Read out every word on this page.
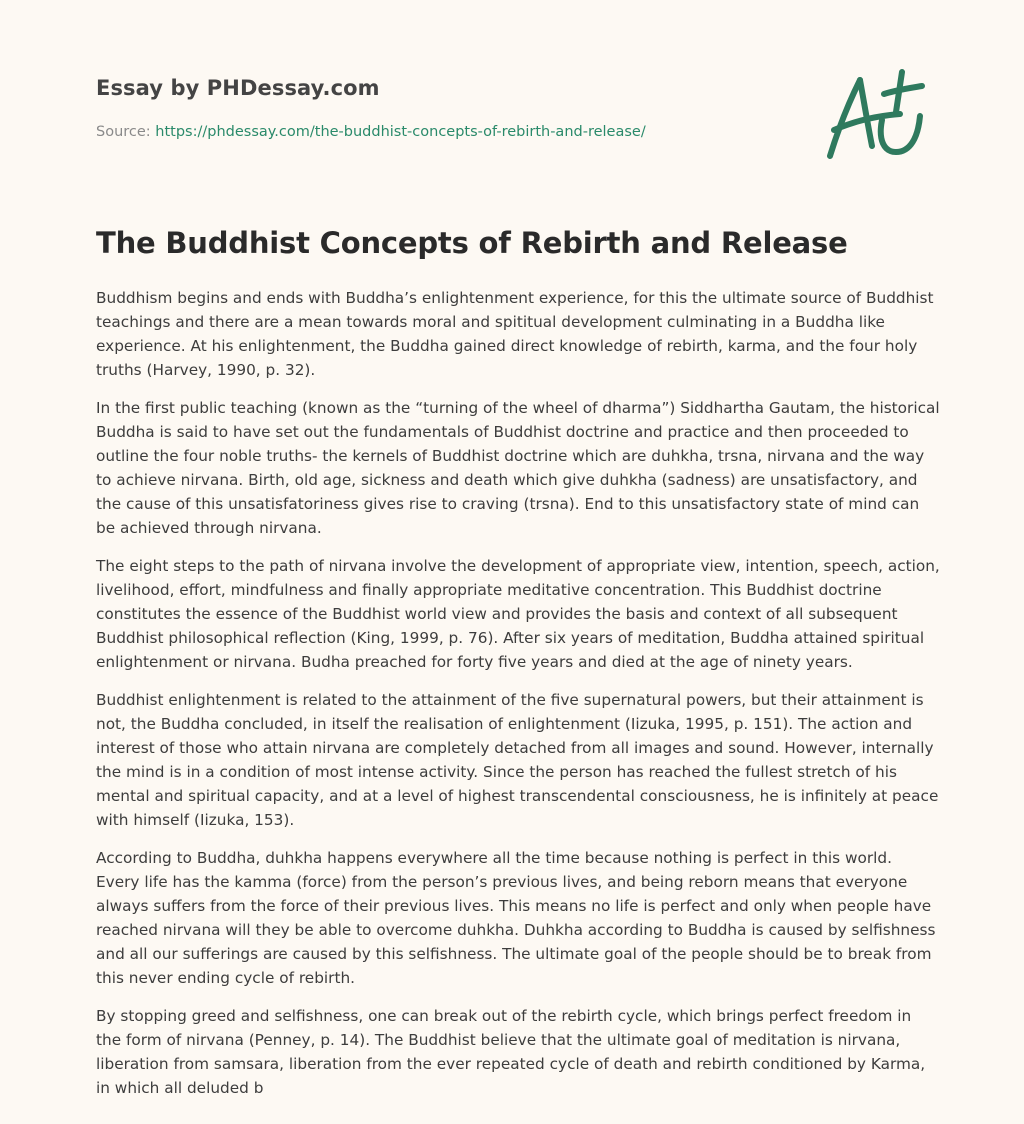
Essay by PHDessay.com
Source: https://phdessay.com/the-buddhist-concepts-of-rebirth-and-release/
The Buddhist Concepts of Rebirth and Release

Buddhism begins and ends with Buddha’s enlightenment experience, for this the ultimate source of Buddhist teachings and there are a mean towards moral and spititual development culminating in a Buddha like experience. At his enlightenment, the Buddha gained direct knowledge of rebirth, karma, and the four holy truths (Harvey, 1990, p. 32).

In the first public teaching (known as the “turning of the wheel of dharma”) Siddhartha Gautam, the historical Buddha is said to have set out the fundamentals of Buddhist doctrine and practice and then proceeded to outline the four noble truths- the kernels of Buddhist doctrine which are duhkha, trsna, nirvana and the way to achieve nirvana. Birth, old age, sickness and death which give duhkha (sadness) are unsatisfactory, and the cause of this unsatisfatoriness gives rise to craving (trsna). End to this unsatisfactory state of mind can be achieved through nirvana.

The eight steps to the path of nirvana involve the development of appropriate view, intention, speech, action, livelihood, effort, mindfulness and finally appropriate meditative concentration. This Buddhist doctrine constitutes the essence of the Buddhist world view and provides the basis and context of all subsequent Buddhist philosophical reflection (King, 1999, p. 76). After six years of meditation, Buddha attained spiritual enlightenment or nirvana. Budha preached for forty five years and died at the age of ninety years.

Buddhist enlightenment is related to the attainment of the five supernatural powers, but their attainment is not, the Buddha concluded, in itself the realisation of enlightenment (Iizuka, 1995, p. 151). The action and interest of those who attain nirvana are completely detached from all images and sound. However, internally the mind is in a condition of most intense activity. Since the person has reached the fullest stretch of his mental and spiritual capacity, and at a level of highest transcendental consciousness, he is infinitely at peace with himself (Iizuka, 153).

According to Buddha, duhkha happens everywhere all the time because nothing is perfect in this world. Every life has the kamma (force) from the person’s previous lives, and being reborn means that everyone always suffers from the force of their previous lives. This means no life is perfect and only when people have reached nirvana will they be able to overcome duhkha. Duhkha according to Buddha is caused by selfishness and all our sufferings are caused by this selfishness. The ultimate goal of the people should be to break from this never ending cycle of rebirth.

By stopping greed and selfishness, one can break out of the rebirth cycle, which brings perfect freedom in the form of nirvana (Penney, p. 14). The Buddhist believe that the ultimate goal of meditation is nirvana, liberation from samsara, liberation from the ever repeated cycle of death and rebirth conditioned by Karma, in which all deluded b
